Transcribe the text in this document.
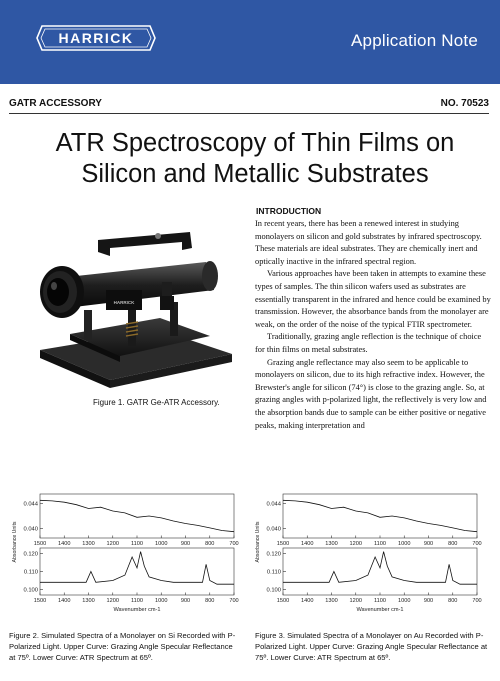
HARRICK	Application Note
GATR ACCESSORY	NO. 70523
ATR Spectroscopy of Thin Films on
Silicon and Metallic Substrates
HARRICK
Figure 1. GATR Ge-ATR Accessory.
INTRODUCTION

In recent years, there has been a renewed interest in studying monolayers on silicon and gold substrates by infrared spectroscopy. These materials are ideal substrates. They are chemically inert and optically inactive in the infrared spectral region.

Various approaches have been taken in attempts to examine these types of samples. The thin silicon wafers used as substrates are essentially transparent in the infrared and hence could be examined by transmission. However, the absorbance bands from the monolayer are weak, on the order of the noise of the typical FTIR spectrometer.

Traditionally, grazing angle reflection is the technique of choice for thin films on metal substrates.

Grazing angle reflectance may also seem to be applicable to monolayers on silicon, due to its high refractive index. However, the Brewster's angle for silicon (74°) is close to the grazing angle. So, at grazing angles with p-polarized light, the reflectively is very low and the absorption bands due to sample can be either positive or negative peaks, making interpretation and

Absorbance Units
0.044
0.040
1500 1400 1300 1200 1100 1000 900	800	700
0.120
0.110
0.100
1500 1400 1300 1200 1100 1000 900	800	700
Wavenumber cm-1
Absorbance Units
0.044
0.040
1500 1400 1300 1200 1100 1000 900	800	700
0.120
0.110
0.100
1500 1400 1300 1200 1100 1000 900	800	700
Wavenumber cm-1
Figure 2. Simulated Spectra of a Monolayer on Si Recorded with P-Polarized Light. Upper Curve: Grazing Angle Specular Reflectance at 75º. Lower Curve: ATR Spectrum at 65º.
Figure 3. Simulated Spectra of a Monolayer on Au Recorded with P-Polarized Light. Upper Curve: Grazing Angle Specular Reflectance at 75º. Lower Curve: ATR Spectrum at 65º.
